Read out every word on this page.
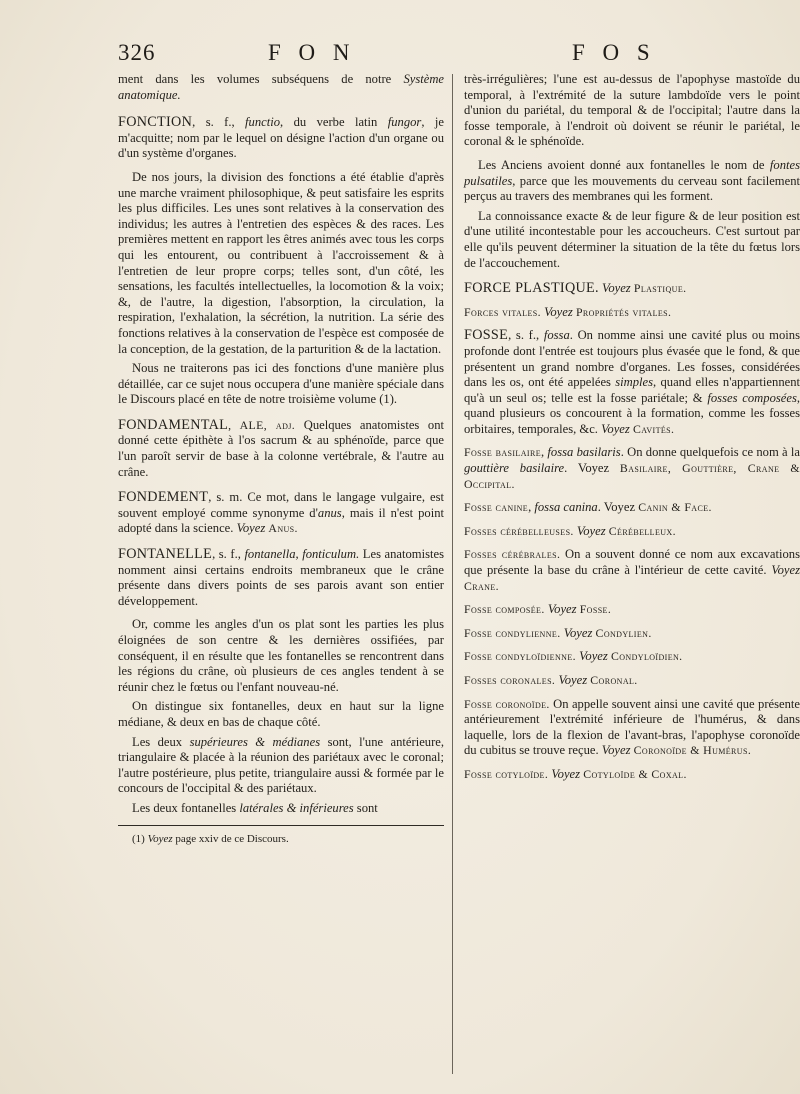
326	F O N	F O S

ment dans les volumes subséquens de notre Système anatomique.

FONCTION, s. f., functio, du verbe latin fungor, je m'acquitte; nom par le lequel on désigne l'action d'un organe ou d'un système d'organes.

De nos jours, la division des fonctions a été établie d'après une marche vraiment philosophique, & peut satisfaire les esprits les plus difficiles. Les unes sont relatives à la conservation des individus; les autres à l'entretien des espèces & des races. Les premières mettent en rapport les êtres animés avec tous les corps qui les entourent, ou contribuent à l'accroissement & à l'entretien de leur propre corps; telles sont, d'un côté, les sensations, les facultés intellectuelles, la locomotion & la voix; &, de l'autre, la digestion, l'absorption, la circulation, la respiration, l'exhalation, la sécrétion, la nutrition. La série des fonctions relatives à la conservation de l'espèce est composée de la conception, de la gestation, de la parturition & de la lactation.

Nous ne traiterons pas ici des fonctions d'une manière plus détaillée, car ce sujet nous occupera d'une manière spéciale dans le Discours placé en tête de notre troisième volume (1).

FONDAMENTAL, ALE, adj. Quelques anatomistes ont donné cette épithète à l'os sacrum & au sphénoïde, parce que l'un paroît servir de base à la colonne vertébrale, & l'autre au crâne.

FONDEMENT, s. m. Ce mot, dans le langage vulgaire, est souvent employé comme synonyme d'anus, mais il n'est point adopté dans la science. Voyez Anus.

FONTANELLE, s. f., fontanella, fonticulum. Les anatomistes nomment ainsi certains endroits membraneux que le crâne présente dans divers points de ses parois avant son entier développement.

Or, comme les angles d'un os plat sont les parties les plus éloignées de son centre & les dernières ossifiées, par conséquent, il en résulte que les fontanelles se rencontrent dans les régions du crâne, où plusieurs de ces angles tendent à se réunir chez le fœtus ou l'enfant nouveau-né.

On distingue six fontanelles, deux en haut sur la ligne médiane, & deux en bas de chaque côté.

Les deux supérieures & médianes sont, l'une antérieure, triangulaire & placée à la réunion des pariétaux avec le coronal; l'autre postérieure, plus petite, triangulaire aussi & formée par le concours de l'occipital & des pariétaux.

Les deux fontanelles latérales & inférieures sont

(1) Voyez page xxiv de ce Discours.

très-irrégulières; l'une est au-dessus de l'apophyse mastoïde du temporal, à l'extrémité de la suture lambdoïde vers le point d'union du pariétal, du temporal & de l'occipital; l'autre dans la fosse temporale, à l'endroit où doivent se réunir le pariétal, le coronal & le sphénoïde.

Les Anciens avoient donné aux fontanelles le nom de fontes pulsatiles, parce que les mouvements du cerveau sont facilement perçus au travers des membranes qui les forment.

La connoissance exacte & de leur figure & de leur position est d'une utilité incontestable pour les accoucheurs. C'est surtout par elle qu'ils peuvent déterminer la situation de la tête du fœtus lors de l'accouchement.

FORCE PLASTIQUE. Voyez Plastique.

Forces vitales. Voyez Propriétés vitales.

FOSSE, s. f., fossa. On nomme ainsi une cavité plus ou moins profonde dont l'entrée est toujours plus évasée que le fond, & que présentent un grand nombre d'organes. Les fosses, considérées dans les os, ont été appelées simples, quand elles n'appartiennent qu'à un seul os; telle est la fosse pariétale; & fosses composées, quand plusieurs os concourent à la formation, comme les fosses orbitaires, temporales, &c. Voyez Cavités.

Fosse basilaire, fossa basilaris. On donne quelquefois ce nom à la gouttière basilaire. Voyez Basilaire, Gouttière, Crane & Occipital.

Fosse canine, fossa canina. Voyez Canin & Face.

Fosses cérébelleuses. Voyez Cérébelleux.

Fosses cérébrales. On a souvent donné ce nom aux excavations que présente la base du crâne à l'intérieur de cette cavité. Voyez Crane.

Fosse composée. Voyez Fosse.

Fosse condylienne. Voyez Condylien.

Fosse condyloïdienne. Voyez Condyloïdien.

Fosses coronales. Voyez Coronal.

Fosse coronoïde. On appelle souvent ainsi une cavité que présente antérieurement l'extrémité inférieure de l'humérus, & dans laquelle, lors de la flexion de l'avant-bras, l'apophyse coronoïde du cubitus se trouve reçue. Voyez Coronoïde & Humérus.

Fosse cotyloïde. Voyez Cotyloïde & Coxal.
